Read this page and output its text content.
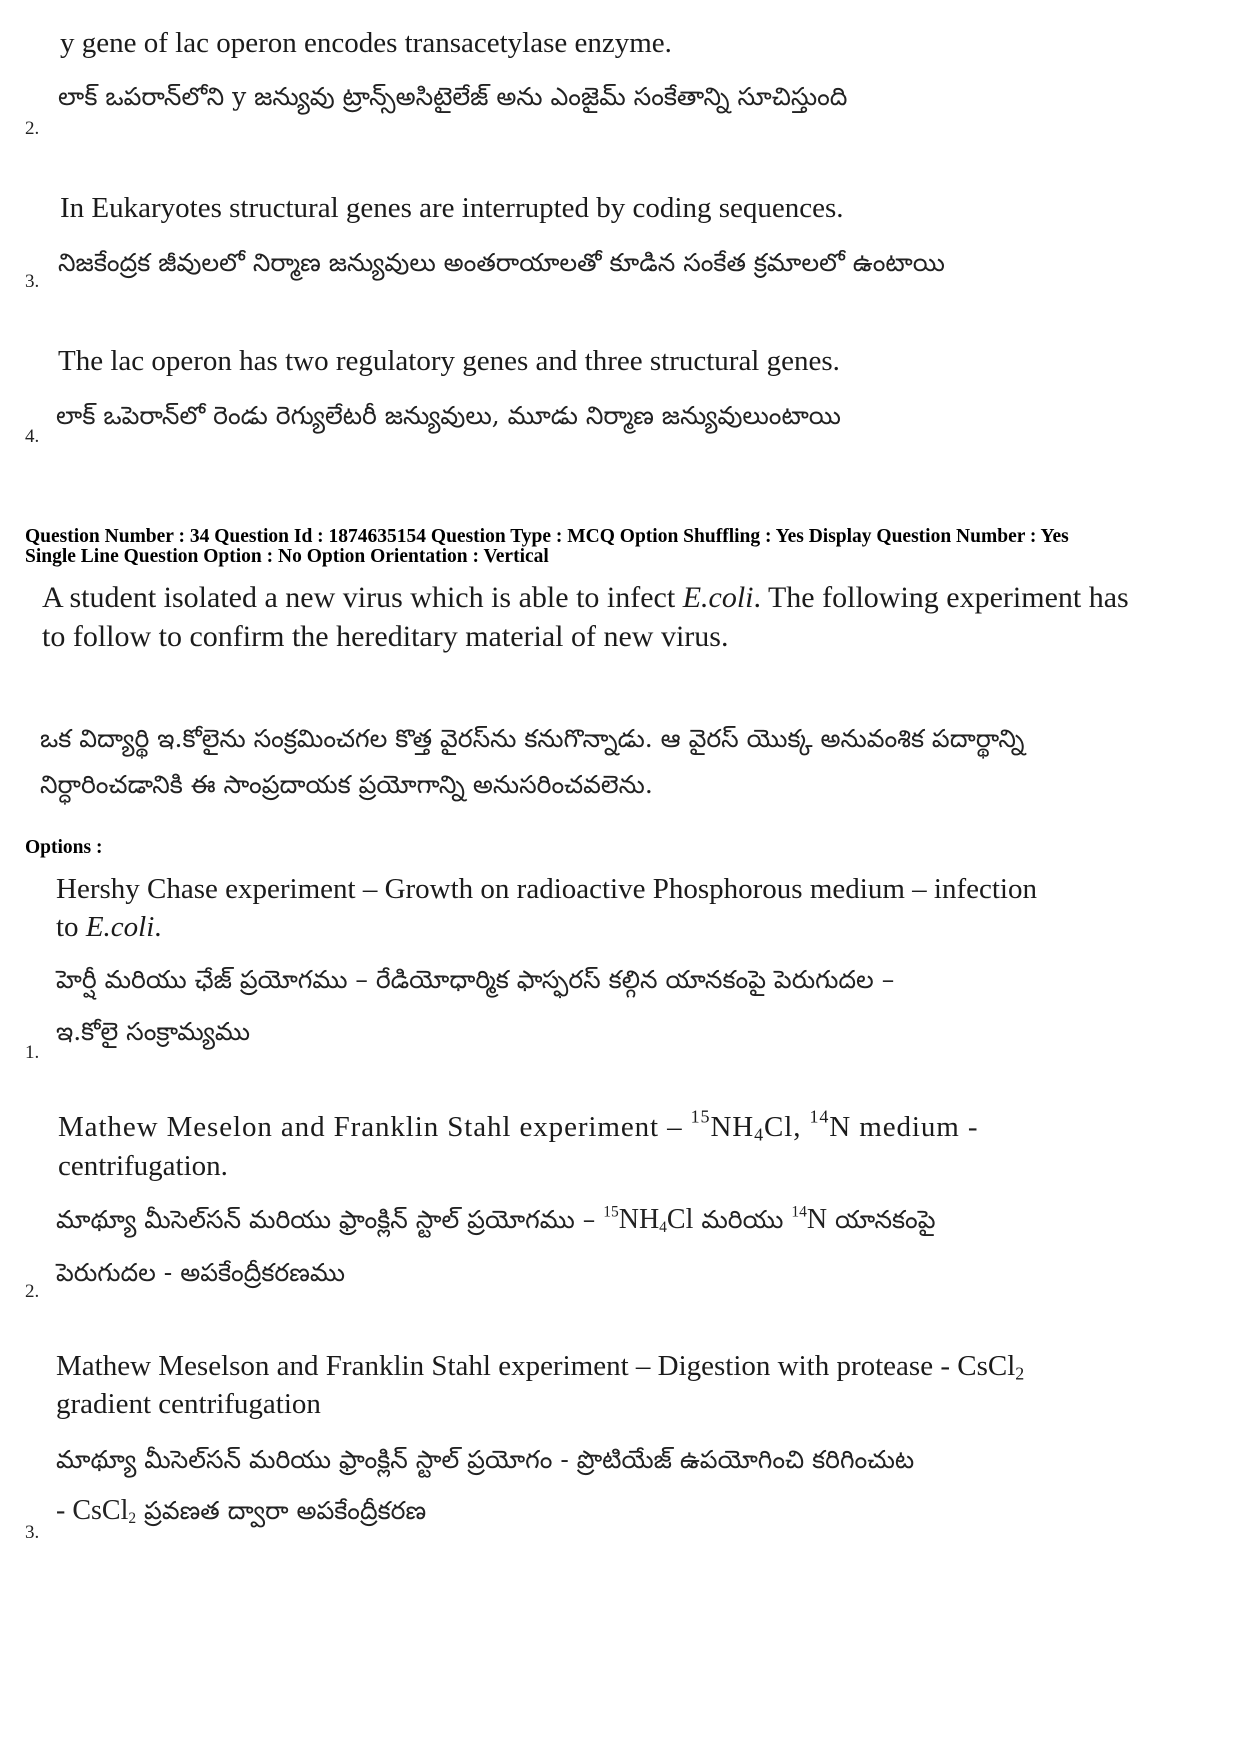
y gene of lac operon encodes transacetylase enzyme.
లాక్ ఒపరాన్‌లోని y జన్యువు ట్రాన్స్‌అసిటైలేజ్ అను ఎంజైమ్ సంకేతాన్ని సూచిస్తుంది
2.
In Eukaryotes structural genes are interrupted by coding sequences.
నిజకేంద్రక జీవులలో నిర్మాణ జన్యువులు అంతరాయాలతో కూడిన సంకేత క్రమాలలో ఉంటాయి
3.
The lac operon has two regulatory genes and three structural genes.
లాక్ ఒపెరాన్‌లో రెండు రెగ్యులేటరీ జన్యువులు, మూడు నిర్మాణ జన్యువులుంటాయి
4.
Question Number : 34 Question Id : 1874635154 Question Type : MCQ Option Shuffling : Yes Display Question Number : Yes
Single Line Question Option : No Option Orientation : Vertical
A student isolated a new virus which is able to infect E.coli. The following experiment has
to follow to confirm the hereditary material of new virus.
ఒక విద్యార్థి ఇ.కోలైను సంక్రమించగల కొత్త వైరస్‌ను కనుగొన్నాడు. ఆ వైరస్ యొక్క అనువంశిక పదార్థాన్ని
నిర్ధారించడానికి ఈ సాంప్రదాయక ప్రయోగాన్ని అనుసరించవలెను.
Options :
Hershy Chase experiment – Growth on radioactive Phosphorous medium – infection
to E.coli.
హెర్షీ మరియు ఛేజ్ ప్రయోగము – రేడియోధార్మిక ఫాస్ఫరస్ కల్గిన యానకంపై పెరుగుదల –
ఇ.కోలై సంక్రామ్యము
1.
Mathew Meselon and Franklin Stahl experiment – $^{15}NH_4Cl$, $^{14}$N medium -
centrifugation.
మాథ్యూ మీసెల్‌సన్ మరియు ఫ్రాంక్లిన్ స్టాల్ ప్రయోగము – $^{15}NH_4Cl$ మరియు $^{14}$N యానకంపై
పెరుగుదల - అపకేంద్రీకరణము
2.
Mathew Meselson and Franklin Stahl experiment – Digestion with protease - CsCl$_2$
gradient centrifugation
మాథ్యూ మీసెల్‌సన్ మరియు ఫ్రాంక్లిన్ స్టాల్ ప్రయోగం - ప్రొటియేజ్ ఉపయోగించి కరిగించుట
- CsCl$_2$ ప్రవణత ద్వారా అపకేంద్రీకరణ
3.
